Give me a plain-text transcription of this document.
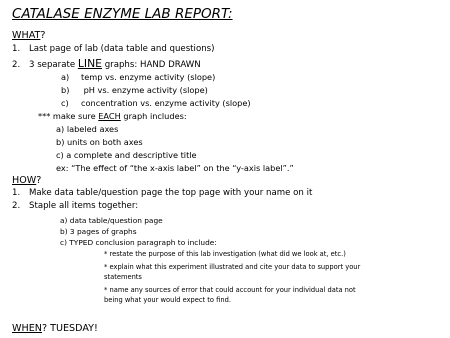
CATALASE ENZYME LAB REPORT:
WHAT?
1. Last page of lab (data table and questions)
2. 3 separate LINE graphs: HAND DRAWN
a) temp vs. enzyme activity (slope)
b) pH vs. enzyme activity (slope)
c) concentration vs. enzyme activity (slope)
*** make sure EACH graph includes:
a) labeled axes
b) units on both axes
c) a complete and descriptive title
ex: “The effect of “the x-axis label” on the “y-axis label”.”
HOW?
1. Make data table/question page the top page with your name on it
2. Staple all items together:
a) data table/question page
b) 3 pages of graphs
c) TYPED conclusion paragraph to include:
* restate the purpose of this lab investigation (what did we look at, etc.)
* explain what this experiment illustrated and cite your data to support your
statements
* name any sources of error that could account for your individual data not
being what your would expect to find.
WHEN? TUESDAY!
